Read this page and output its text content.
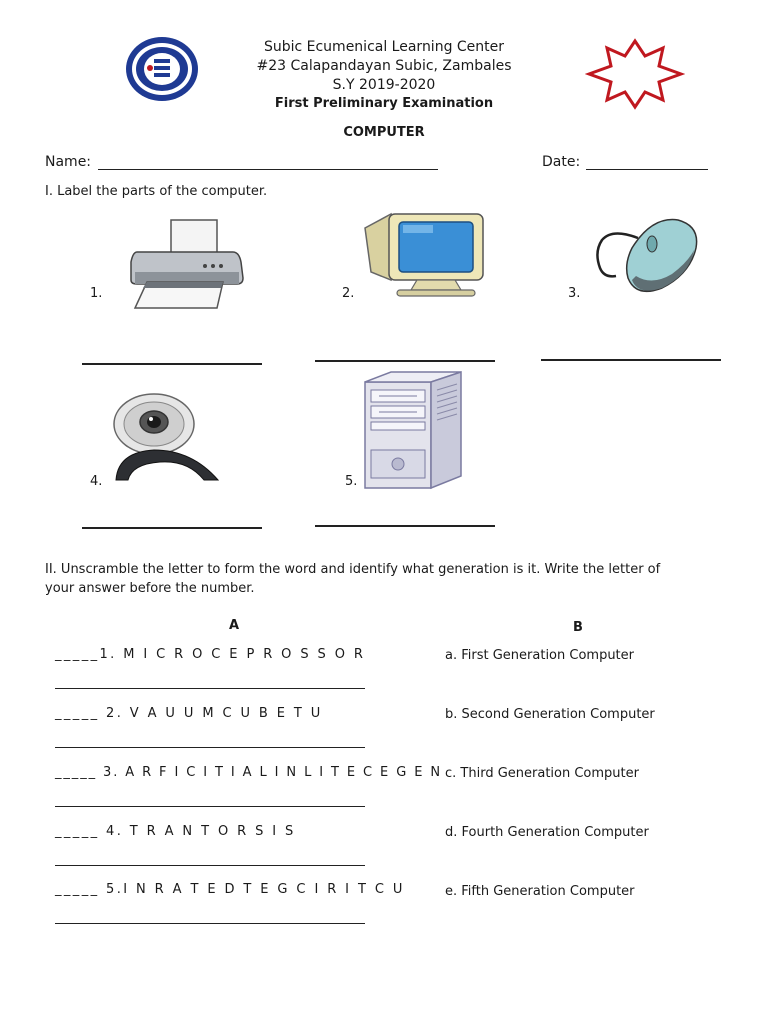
Subic Ecumenical Learning Center
#23 Calapandayan Subic, Zambales
S.Y 2019-2020
First Preliminary Examination
COMPUTER
Name:	Date:
I. Label the parts of the computer.
1.	2.	3.
4.	5.
II. Unscramble the letter to form the word and identify what generation is it. Write the letter of
your answer before the number.
A	B
_____1. M I C R O C E P R O S S O R
_____ 2. V A U U M C U B E T U
_____ 3. A R F I C I T I A L I N L I T E C E G E N
_____ 4. T R A N T O R S I S
_____ 5.I N R A T E D T E G C I R I T C U
a. First Generation Computer
b. Second Generation Computer
c. Third Generation Computer
d. Fourth Generation Computer
e. Fifth Generation Computer
